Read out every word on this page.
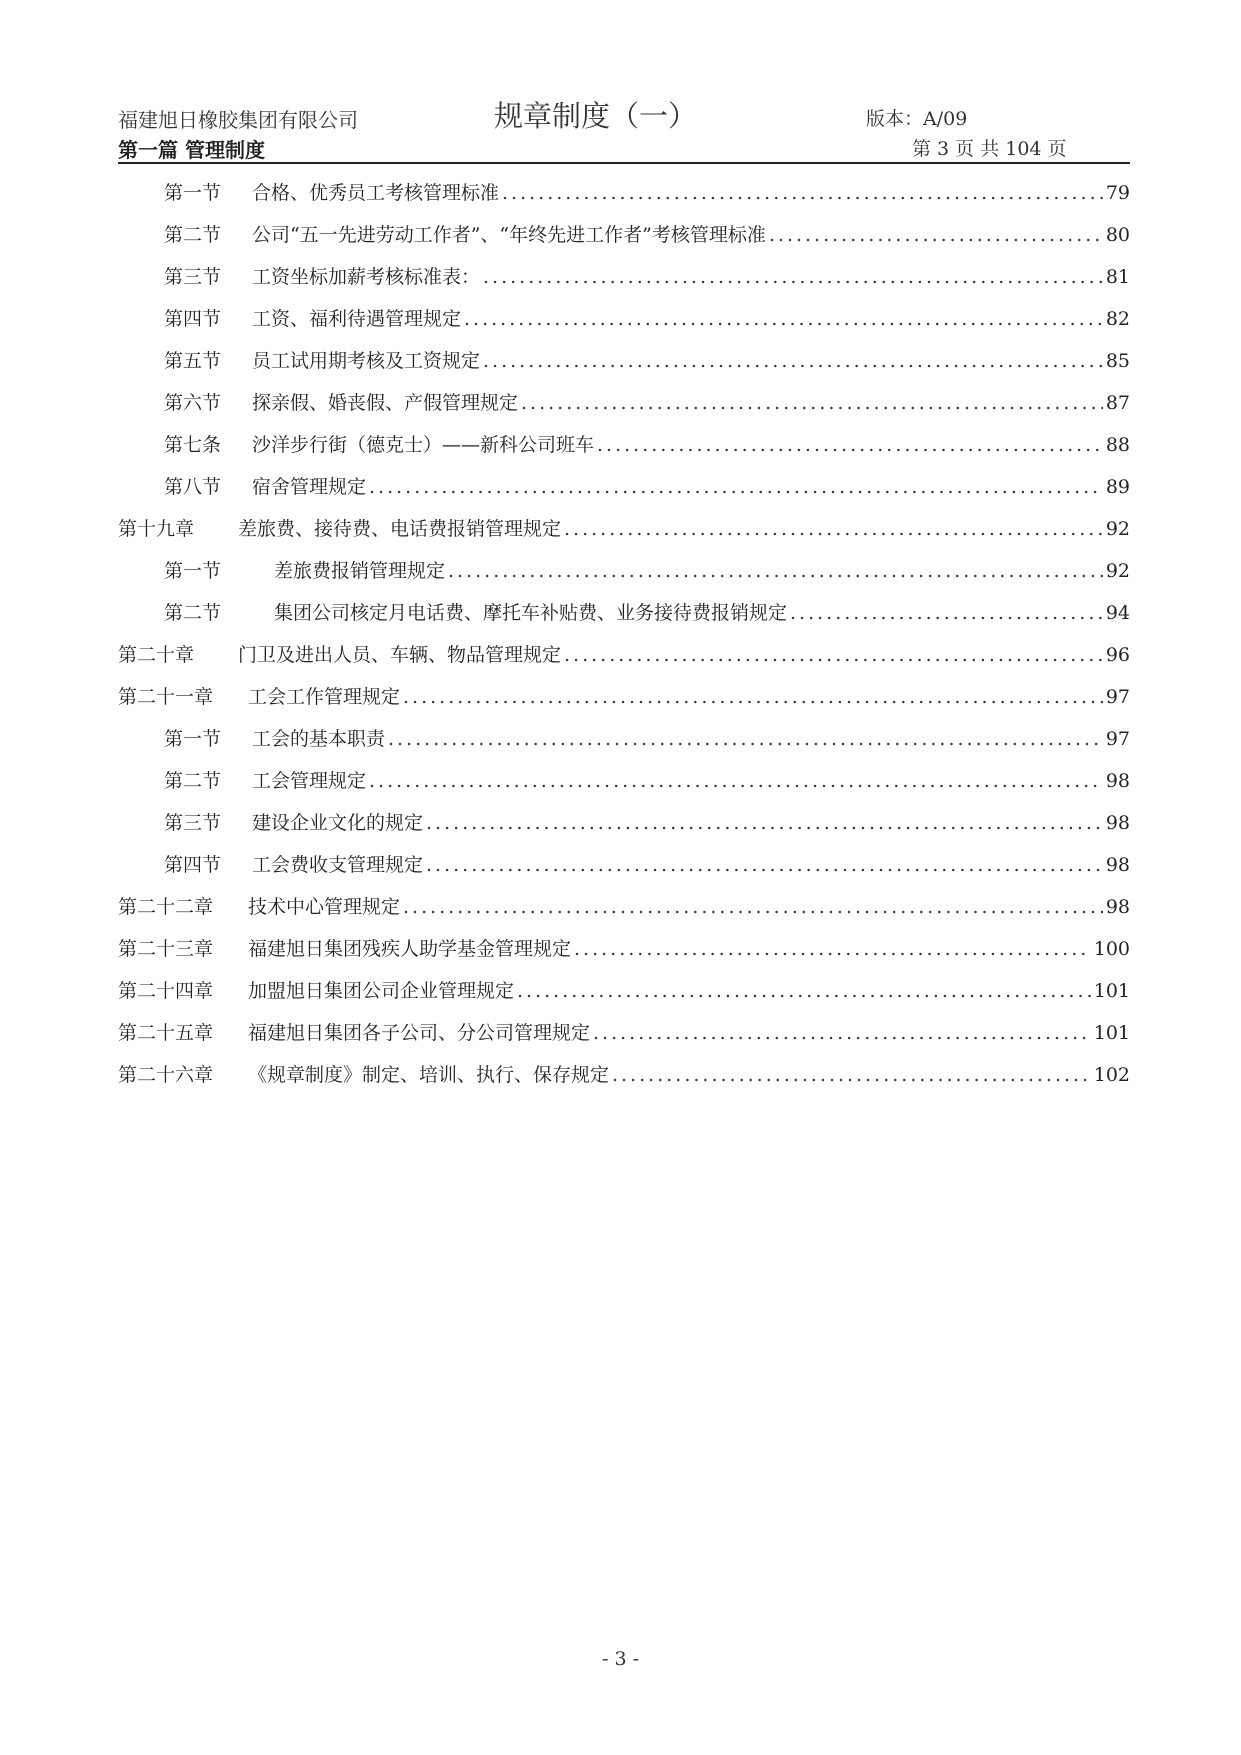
福建旭日橡胶集团有限公司	规章制度（一）	版本：A/09
第一篇 管理制度	第 3 页 共 104 页
第一节	合格、优秀员工考核管理标准 .....	79
第二节	公司“五一先进劳动工作者”、“年终先进工作者”考核管理标准 .....	80
第三节	工资坐标加薪考核标准表： .....	81
第四节	工资、福利待遇管理规定 .....	82
第五节	员工试用期考核及工资规定 .....	85
第六节	探亲假、婚丧假、产假管理规定 .....	87
第七条	沙洋步行街（德克士）——新科公司班车 .....	88
第八节	宿舍管理规定 .....	89
第十九章	差旅费、接待费、电话费报销管理规定 .....	92
第一节	差旅费报销管理规定 .....	92
第二节	集团公司核定月电话费、摩托车补贴费、业务接待费报销规定 .....	94
第二十章	门卫及进出人员、车辆、物品管理规定 .....	96
第二十一章	工会工作管理规定 .....	97
第一节	工会的基本职责 .....	97
第二节	工会管理规定 .....	98
第三节	建设企业文化的规定 .....	98
第四节	工会费收支管理规定 .....	98
第二十二章	技术中心管理规定 .....	98
第二十三章	福建旭日集团残疾人助学基金管理规定 .....	100
第二十四章	加盟旭日集团公司企业管理规定 .....	101
第二十五章	福建旭日集团各子公司、分公司管理规定 .....	101
第二十六章	《规章制度》制定、培训、执行、保存规定 .....	102
- 3 -
